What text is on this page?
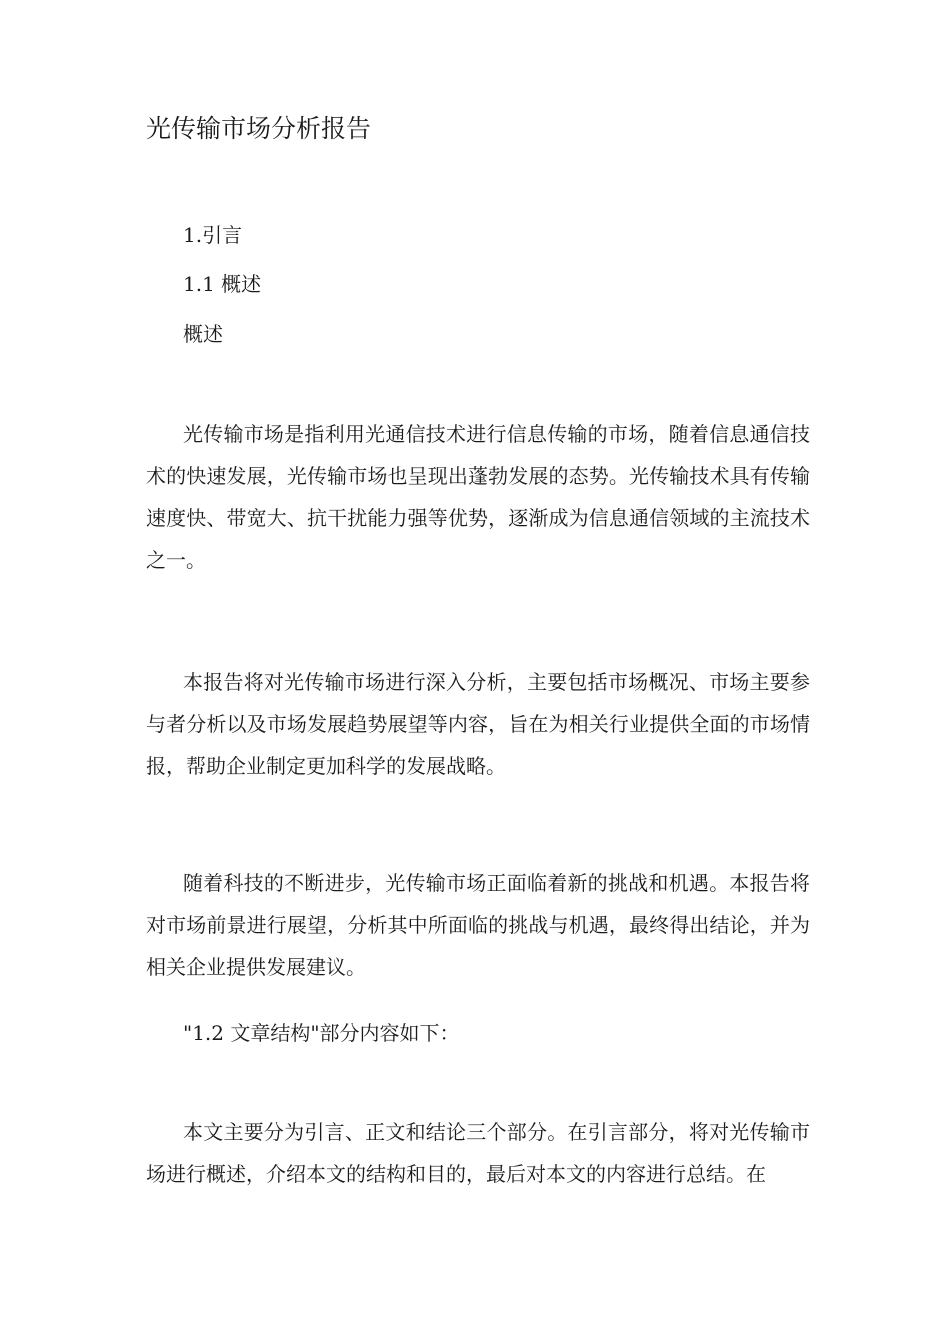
光传输市场分析报告
1.引言
1.1 概述
概述

光传输市场是指利用光通信技术进行信息传输的市场，随着信息通信技术的快速发展，光传输市场也呈现出蓬勃发展的态势。光传输技术具有传输速度快、带宽大、抗干扰能力强等优势，逐渐成为信息通信领域的主流技术之一。

本报告将对光传输市场进行深入分析，主要包括市场概况、市场主要参与者分析以及市场发展趋势展望等内容，旨在为相关行业提供全面的市场情报，帮助企业制定更加科学的发展战略。

随着科技的不断进步，光传输市场正面临着新的挑战和机遇。本报告将对市场前景进行展望，分析其中所面临的挑战与机遇，最终得出结论，并为相关企业提供发展建议。

"1.2 文章结构"部分内容如下：

本文主要分为引言、正文和结论三个部分。在引言部分，将对光传输市场进行概述，介绍本文的结构和目的，最后对本文的内容进行总结。在
